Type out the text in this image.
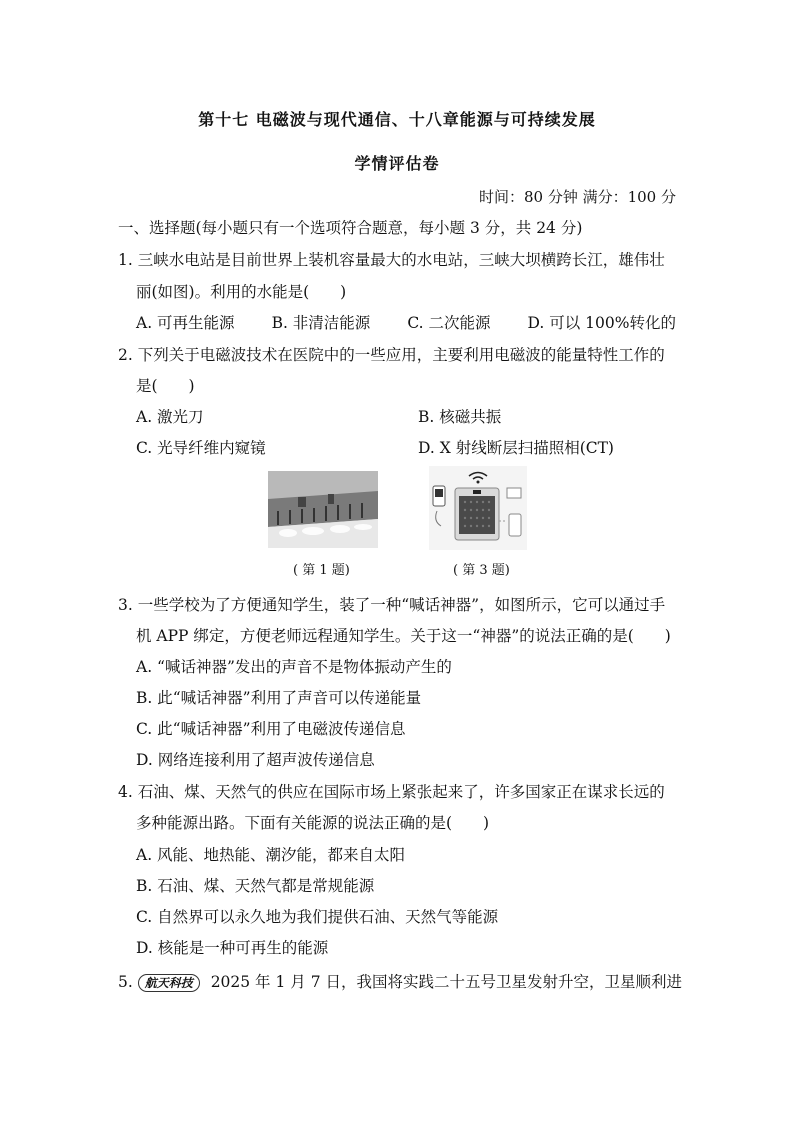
第十七 电磁波与现代通信、十八章能源与可持续发展
学情评估卷
时间：80 分钟 满分：100 分
一、选择题(每小题只有一个选项符合题意，每小题 3 分，共 24 分)
1. 三峡水电站是目前世界上装机容量最大的水电站，三峡大坝横跨长江，雄伟壮
丽(如图)。利用的水能是(　　)
A. 可再生能源 B. 非清洁能源 C. 二次能源 D. 可以 100%转化的
2. 下列关于电磁波技术在医院中的一些应用，主要利用电磁波的能量特性工作的
是(　　)
A. 激光刀	B. 核磁共振
C. 光导纤维内窥镜	D. X 射线断层扫描照相(CT)
( 第 1 题)	( 第 3 题)
3. 一些学校为了方便通知学生，装了一种“喊话神器”，如图所示，它可以通过手
机 APP 绑定，方便老师远程通知学生。关于这一“神器”的说法正确的是(　　)
A. “喊话神器”发出的声音不是物体振动产生的
B. 此“喊话神器”利用了声音可以传递能量
C. 此“喊话神器”利用了电磁波传递信息
D. 网络连接利用了超声波传递信息
4. 石油、煤、天然气的供应在国际市场上紧张起来了，许多国家正在谋求长远的
多种能源出路。下面有关能源的说法正确的是(　　)
A. 风能、地热能、潮汐能，都来自太阳
B. 石油、煤、天然气都是常规能源
C. 自然界可以永久地为我们提供石油、天然气等能源
D. 核能是一种可再生的能源
5. 航天科技 2025 年 1 月 7 日，我国将实践二十五号卫星发射升空，卫星顺利进
